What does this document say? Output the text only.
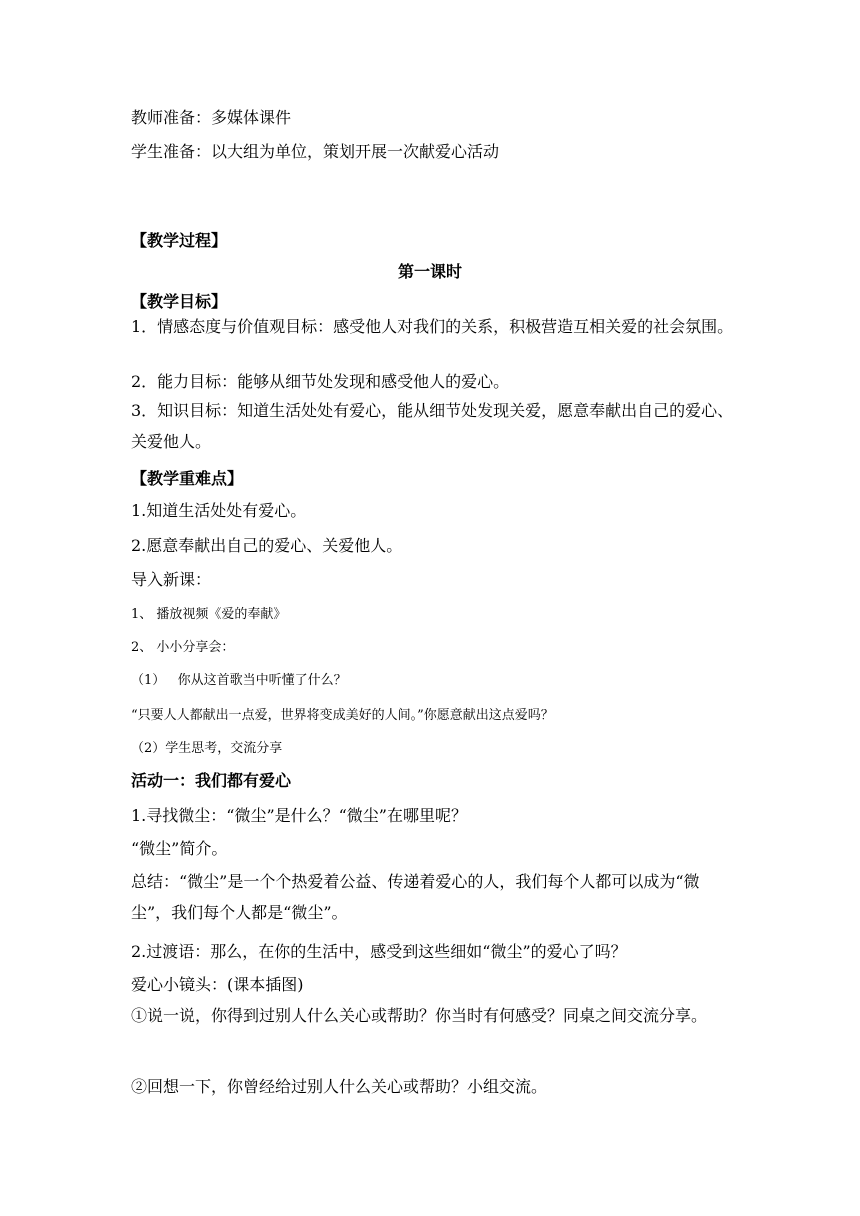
教师准备：多媒体课件
学生准备：以大组为单位，策划开展一次献爱心活动
【教学过程】
第一课时
【教学目标】
1．情感态度与价值观目标：感受他人对我们的关系，积极营造互相关爱的社会氛围。
2．能力目标：能够从细节处发现和感受他人的爱心。
3．知识目标：知道生活处处有爱心，能从细节处发现关爱，愿意奉献出自己的爱心、关爱他人。
【教学重难点】
1.知道生活处处有爱心。
2.愿意奉献出自己的爱心、关爱他人。
导入新课：
1、 播放视频《爱的奉献》
2、 小小分享会：
（1）   你从这首歌当中听懂了什么？
“只要人人都献出一点爱，世界将变成美好的人间。”你愿意献出这点爱吗？
（2）学生思考，交流分享
活动一：我们都有爱心
1.寻找微尘：“微尘”是什么？“微尘”在哪里呢？
“微尘”简介。
总结：“微尘”是一个个热爱着公益、传递着爱心的人，我们每个人都可以成为“微尘”，我们每个人都是“微尘”。
2.过渡语：那么，在你的生活中，感受到这些细如“微尘”的爱心了吗？
爱心小镜头：(课本插图)
①说一说，你得到过别人什么关心或帮助？你当时有何感受？同桌之间交流分享。
②回想一下，你曾经给过别人什么关心或帮助？小组交流。
